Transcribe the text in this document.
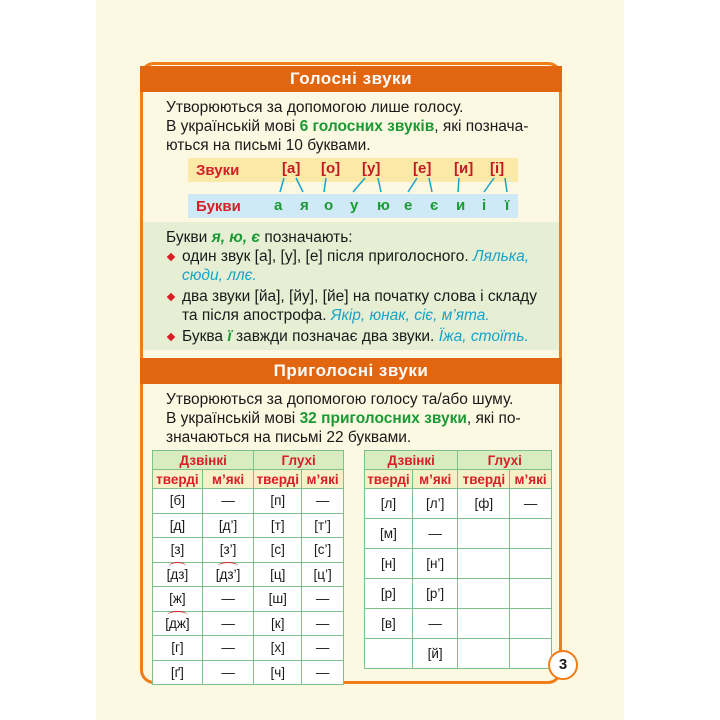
Голосні звуки
Утворюються за допомогою лише голосу.
В українській мові 6 голосних звуків, які познача-
ються на письмі 10 буквами.
Звуки
Букви
[а] [о] [у] [е] [и] [і]
а я о у ю е є и і ї
Букви я, ю, є позначають:
один звук [а], [у], [е] після приголосного. Лялька,
сюди, ллє.
два звуки [йа], [йу], [йе] на початку слова і складу
та після апострофа. Якір, юнак, сіє, м’ята.
Буква ї завжди позначає два звуки. Їжа, стоїть.
Приголосні звуки
Утворюються за допомогою голосу та/або шуму.
В українській мові 32 приголосних звуки, які по-
значаються на письмі 22 буквами.
Дзвінкі		Глухі	
тверді	м’які	тверді	м’які
[б]	—	[п]	—
[д]	[д’]	[т]	[т’]
[з]	[з’]	[с]	[с’]
[дз]	[дз’]	[ц]	[ц’]
[ж]	—	[ш]	—
[дж]	—	[к]	—
[г]	—	[х]	—
[ґ]	—	[ч]	—
Дзвінкі		Глухі	
тверді	м’які	тверді	м’які
[л]	[л’]	[ф]	—
[м]	—		
[н]	[н’]		
[р]	[р’]		
[в]	—		
	[й]		
3
